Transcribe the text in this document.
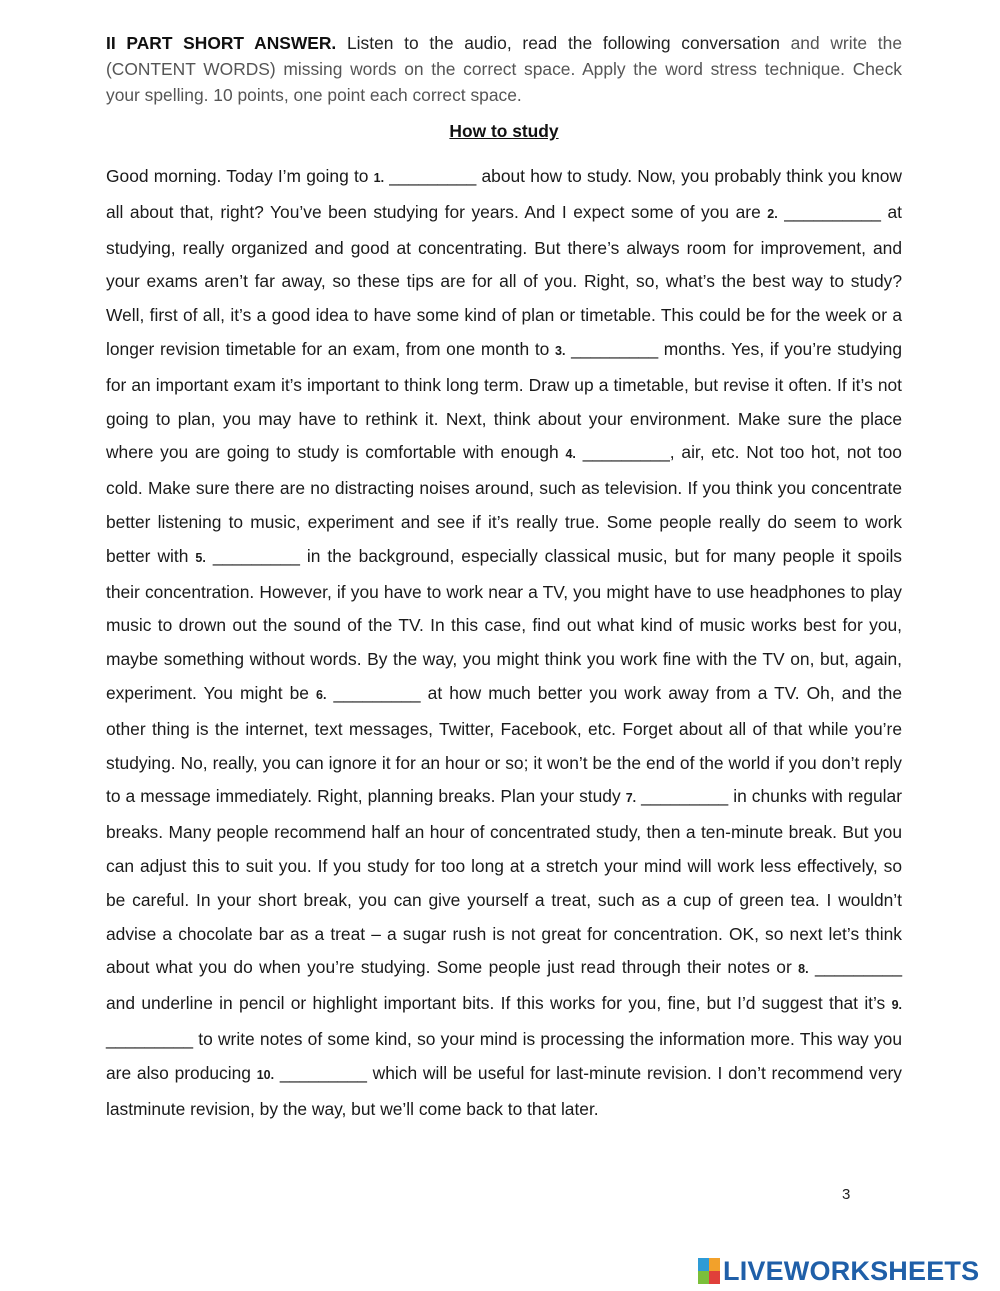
II PART SHORT ANSWER. Listen to the audio, read the following conversation and write the (CONTENT WORDS) missing words on the correct space. Apply the word stress technique. Check your spelling. 10 points, one point each correct space.

How to study

Good morning. Today I’m going to 1. _________ about how to study. Now, you probably think you know all about that, right? You’ve been studying for years. And I expect some of you are 2. __________ at studying, really organized and good at concentrating. But there’s always room for improvement, and your exams aren’t far away, so these tips are for all of you. Right, so, what’s the best way to study? Well, first of all, it’s a good idea to have some kind of plan or timetable. This could be for the week or a longer revision timetable for an exam, from one month to 3. _________ months. Yes, if you’re studying for an important exam it’s important to think long term. Draw up a timetable, but revise it often. If it’s not going to plan, you may have to rethink it. Next, think about your environment. Make sure the place where you are going to study is comfortable with enough 4. _________, air, etc. Not too hot, not too cold. Make sure there are no distracting noises around, such as television. If you think you concentrate better listening to music, experiment and see if it’s really true. Some people really do seem to work better with 5. _________ in the background, especially classical music, but for many people it spoils their concentration. However, if you have to work near a TV, you might have to use headphones to play music to drown out the sound of the TV. In this case, find out what kind of music works best for you, maybe something without words. By the way, you might think you work fine with the TV on, but, again, experiment. You might be 6. _________ at how much better you work away from a TV. Oh, and the other thing is the internet, text messages, Twitter, Facebook, etc. Forget about all of that while you’re studying. No, really, you can ignore it for an hour or so; it won’t be the end of the world if you don’t reply to a message immediately. Right, planning breaks. Plan your study 7. _________ in chunks with regular breaks. Many people recommend half an hour of concentrated study, then a ten-minute break. But you can adjust this to suit you. If you study for too long at a stretch your mind will work less effectively, so be careful. In your short break, you can give yourself a treat, such as a cup of green tea. I wouldn’t advise a chocolate bar as a treat – a sugar rush is not great for concentration. OK, so next let’s think about what you do when you’re studying. Some people just read through their notes or 8. _________ and underline in pencil or highlight important bits. If this works for you, fine, but I’d suggest that it’s 9. _________ to write notes of some kind, so your mind is processing the information more. This way you are also producing 10. _________ which will be useful for last-minute revision. I don’t recommend very lastminute revision, by the way, but we’ll come back to that later.

3
LIVEWORKSHEETS
